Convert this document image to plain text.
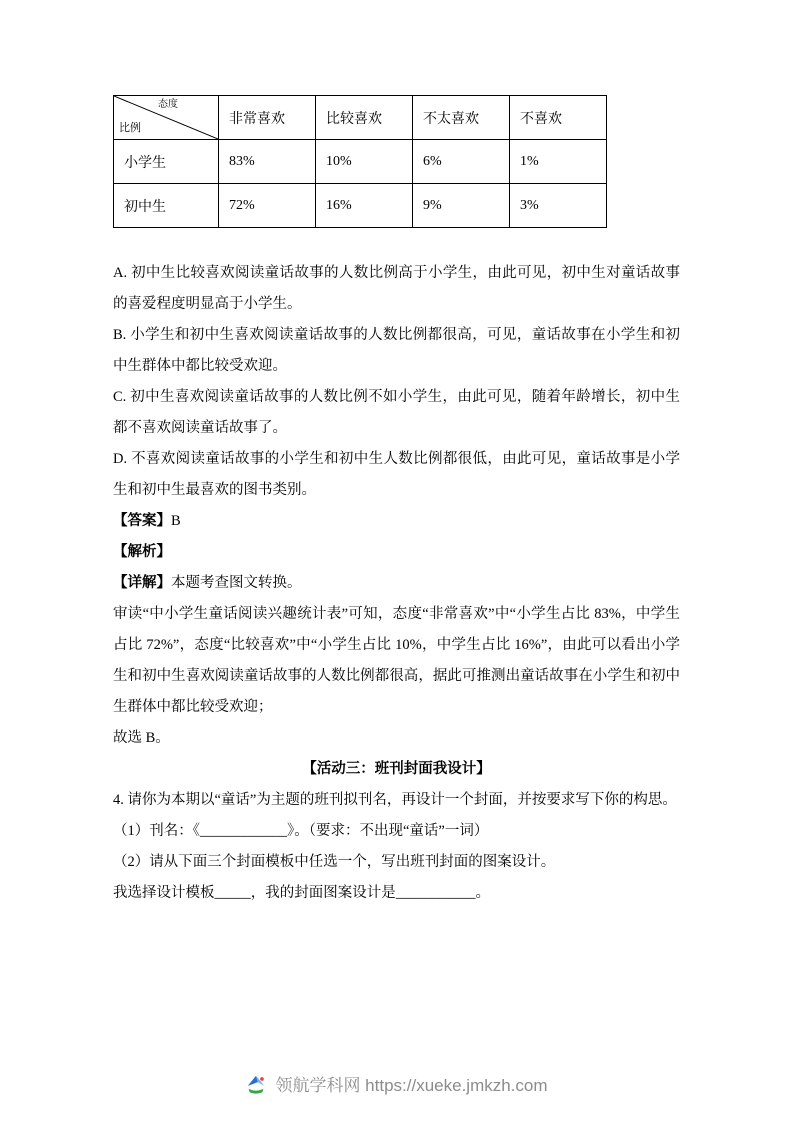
态度
比例	非常喜欢	比较喜欢	不太喜欢	不喜欢
小学生	83%	10%	6%	1%
初中生	72%	16%	9%	3%

A. 初中生比较喜欢阅读童话故事的人数比例高于小学生，由此可见，初中生对童话故事的喜爱程度明显高于小学生。

B. 小学生和初中生喜欢阅读童话故事的人数比例都很高，可见，童话故事在小学生和初中生群体中都比较受欢迎。

C. 初中生喜欢阅读童话故事的人数比例不如小学生，由此可见，随着年龄增长，初中生都不喜欢阅读童话故事了。

D. 不喜欢阅读童话故事的小学生和初中生人数比例都很低，由此可见，童话故事是小学生和初中生最喜欢的图书类别。

【答案】B

【解析】

【详解】本题考查图文转换。

审读“中小学生童话阅读兴趣统计表”可知，态度“非常喜欢”中“小学生占比 83%，中学生占比 72%”，态度“比较喜欢”中“小学生占比 10%，中学生占比 16%”，由此可以看出小学生和初中生喜欢阅读童话故事的人数比例都很高，据此可推测出童话故事在小学生和初中生群体中都比较受欢迎；

故选 B。

【活动三：班刊封面我设计】

4. 请你为本期以“童话”为主题的班刊拟刊名，再设计一个封面，并按要求写下你的构思。

（1）刊名：《____________》。（要求：不出现“童话”一词）

（2）请从下面三个封面模板中任选一个，写出班刊封面的图案设计。

我选择设计模板_____，我的封面图案设计是___________。

领航学科网 https://xueke.jmkzh.com
